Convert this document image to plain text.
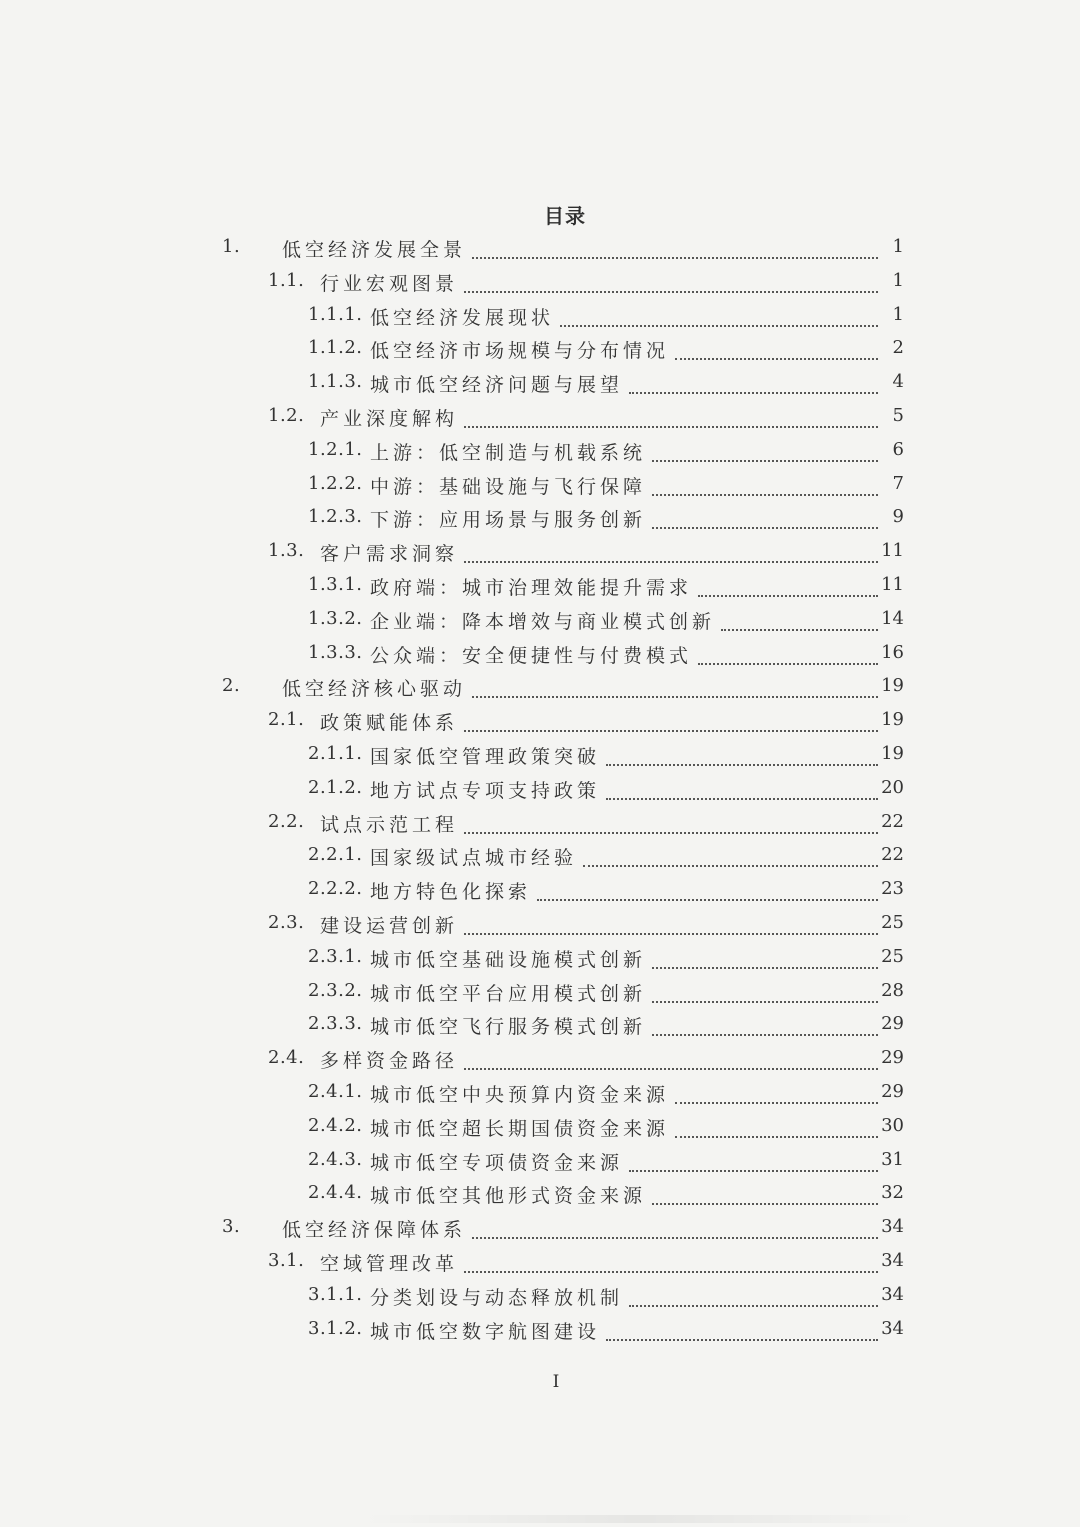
目录
1. 低空经济发展全景	1
1.1. 行业宏观图景	1
1.1.1. 低空经济发展现状	1
1.1.2. 低空经济市场规模与分布情况	2
1.1.3. 城市低空经济问题与展望	4
1.2. 产业深度解构	5
1.2.1. 上游：低空制造与机载系统	6
1.2.2. 中游：基础设施与飞行保障	7
1.2.3. 下游：应用场景与服务创新	9
1.3. 客户需求洞察	11
1.3.1. 政府端：城市治理效能提升需求	11
1.3.2. 企业端：降本增效与商业模式创新	14
1.3.3. 公众端：安全便捷性与付费模式	16
2. 低空经济核心驱动	19
2.1. 政策赋能体系	19
2.1.1. 国家低空管理政策突破	19
2.1.2. 地方试点专项支持政策	20
2.2. 试点示范工程	22
2.2.1. 国家级试点城市经验	22
2.2.2. 地方特色化探索	23
2.3. 建设运营创新	25
2.3.1. 城市低空基础设施模式创新	25
2.3.2. 城市低空平台应用模式创新	28
2.3.3. 城市低空飞行服务模式创新	29
2.4. 多样资金路径	29
2.4.1. 城市低空中央预算内资金来源	29
2.4.2. 城市低空超长期国债资金来源	30
2.4.3. 城市低空专项债资金来源	31
2.4.4. 城市低空其他形式资金来源	32
3. 低空经济保障体系	34
3.1. 空域管理改革	34
3.1.1. 分类划设与动态释放机制	34
3.1.2. 城市低空数字航图建设	34
I
